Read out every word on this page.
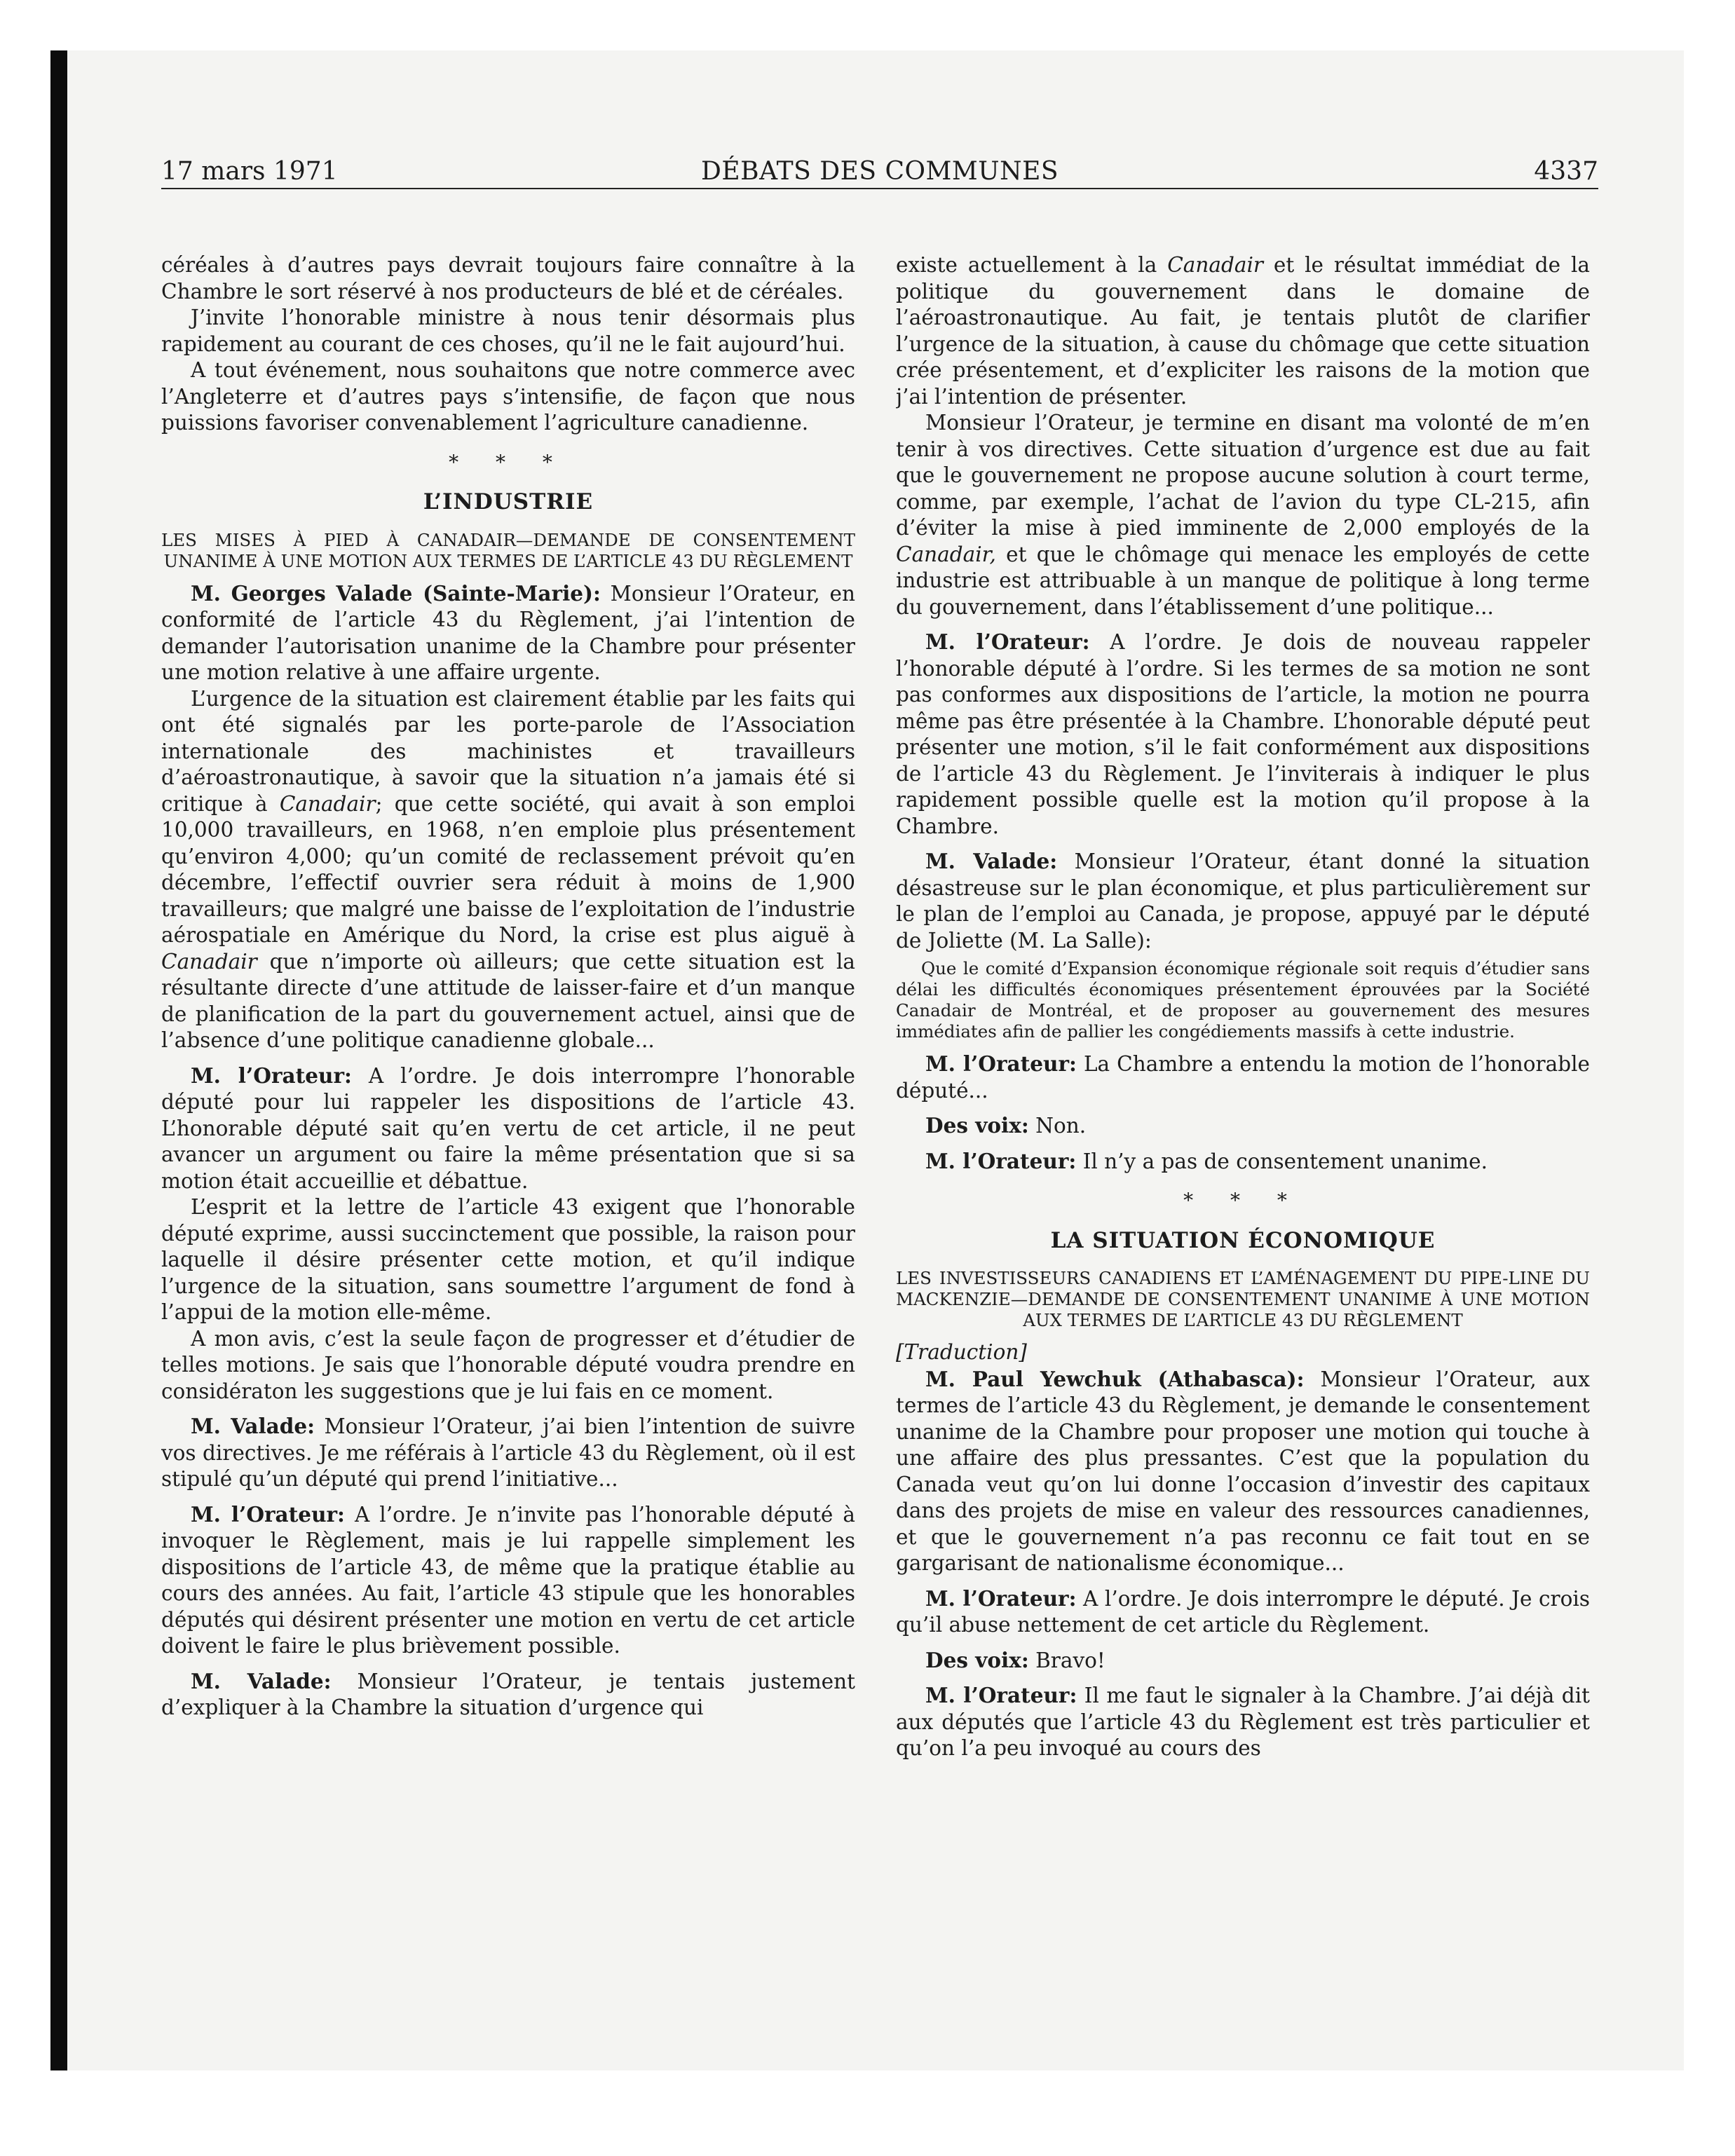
17 mars 1971	DÉBATS DES COMMUNES	4337

céréales à d’autres pays devrait toujours faire connaître à la Chambre le sort réservé à nos producteurs de blé et de céréales.

J’invite l’honorable ministre à nous tenir désormais plus rapidement au courant de ces choses, qu’il ne le fait aujourd’hui.

A tout événement, nous souhaitons que notre commerce avec l’Angleterre et d’autres pays s’intensifie, de façon que nous puissions favoriser convenablement l’agriculture canadienne.

* * *
L’INDUSTRIE
LES MISES À PIED À CANADAIR—DEMANDE DE CONSENTEMENT UNANIME À UNE MOTION AUX TERMES DE L’ARTICLE 43 DU RÈGLEMENT

M. Georges Valade (Sainte-Marie): Monsieur l’Orateur, en conformité de l’article 43 du Règlement, j’ai l’intention de demander l’autorisation unanime de la Chambre pour présenter une motion relative à une affaire urgente.

L’urgence de la situation est clairement établie par les faits qui ont été signalés par les porte-parole de l’Association internationale des machinistes et travailleurs d’aéroastronautique, à savoir que la situation n’a jamais été si critique à Canadair; que cette société, qui avait à son emploi 10,000 travailleurs, en 1968, n’en emploie plus présentement qu’environ 4,000; qu’un comité de reclassement prévoit qu’en décembre, l’effectif ouvrier sera réduit à moins de 1,900 travailleurs; que malgré une baisse de l’exploitation de l’industrie aérospatiale en Amérique du Nord, la crise est plus aiguë à Canadair que n’importe où ailleurs; que cette situation est la résultante directe d’une attitude de laisser-faire et d’un manque de planification de la part du gouvernement actuel, ainsi que de l’absence d’une politique canadienne globale...

M. l’Orateur: A l’ordre. Je dois interrompre l’honorable député pour lui rappeler les dispositions de l’article 43. L’honorable député sait qu’en vertu de cet article, il ne peut avancer un argument ou faire la même présentation que si sa motion était accueillie et débattue.

L’esprit et la lettre de l’article 43 exigent que l’honorable député exprime, aussi succinctement que possible, la raison pour laquelle il désire présenter cette motion, et qu’il indique l’urgence de la situation, sans soumettre l’argument de fond à l’appui de la motion elle-même.

A mon avis, c’est la seule façon de progresser et d’étudier de telles motions. Je sais que l’honorable député voudra prendre en considératon les suggestions que je lui fais en ce moment.

M. Valade: Monsieur l’Orateur, j’ai bien l’intention de suivre vos directives. Je me référais à l’article 43 du Règlement, où il est stipulé qu’un député qui prend l’initiative...

M. l’Orateur: A l’ordre. Je n’invite pas l’honorable député à invoquer le Règlement, mais je lui rappelle simplement les dispositions de l’article 43, de même que la pratique établie au cours des années. Au fait, l’article 43 stipule que les honorables députés qui désirent présenter une motion en vertu de cet article doivent le faire le plus brièvement possible.

M. Valade: Monsieur l’Orateur, je tentais justement d’expliquer à la Chambre la situation d’urgence qui

existe actuellement à la Canadair et le résultat immédiat de la politique du gouvernement dans le domaine de l’aéroastronautique. Au fait, je tentais plutôt de clarifier l’urgence de la situation, à cause du chômage que cette situation crée présentement, et d’expliciter les raisons de la motion que j’ai l’intention de présenter.

Monsieur l’Orateur, je termine en disant ma volonté de m’en tenir à vos directives. Cette situation d’urgence est due au fait que le gouvernement ne propose aucune solution à court terme, comme, par exemple, l’achat de l’avion du type CL-215, afin d’éviter la mise à pied imminente de 2,000 employés de la Canadair, et que le chômage qui menace les employés de cette industrie est attribuable à un manque de politique à long terme du gouvernement, dans l’établissement d’une politique...

M. l’Orateur: A l’ordre. Je dois de nouveau rappeler l’honorable député à l’ordre. Si les termes de sa motion ne sont pas conformes aux dispositions de l’article, la motion ne pourra même pas être présentée à la Chambre. L’honorable député peut présenter une motion, s’il le fait conformément aux dispositions de l’article 43 du Règlement. Je l’inviterais à indiquer le plus rapidement possible quelle est la motion qu’il propose à la Chambre.

M. Valade: Monsieur l’Orateur, étant donné la situation désastreuse sur le plan économique, et plus particulièrement sur le plan de l’emploi au Canada, je propose, appuyé par le député de Joliette (M. La Salle):

Que le comité d’Expansion économique régionale soit requis d’étudier sans délai les difficultés économiques présentement éprouvées par la Société Canadair de Montréal, et de proposer au gouvernement des mesures immédiates afin de pallier les congédiements massifs à cette industrie.

M. l’Orateur: La Chambre a entendu la motion de l’honorable député...

Des voix: Non.

M. l’Orateur: Il n’y a pas de consentement unanime.

* * *
LA SITUATION ÉCONOMIQUE
LES INVESTISSEURS CANADIENS ET L’AMÉNAGEMENT DU PIPE-LINE DU MACKENZIE—DEMANDE DE CONSENTEMENT UNANIME À UNE MOTION AUX TERMES DE L’ARTICLE 43 DU RÈGLEMENT

[Traduction]

M. Paul Yewchuk (Athabasca): Monsieur l’Orateur, aux termes de l’article 43 du Règlement, je demande le consentement unanime de la Chambre pour proposer une motion qui touche à une affaire des plus pressantes. C’est que la population du Canada veut qu’on lui donne l’occasion d’investir des capitaux dans des projets de mise en valeur des ressources canadiennes, et que le gouvernement n’a pas reconnu ce fait tout en se gargarisant de nationalisme économique...

M. l’Orateur: A l’ordre. Je dois interrompre le député. Je crois qu’il abuse nettement de cet article du Règlement.

Des voix: Bravo!

M. l’Orateur: Il me faut le signaler à la Chambre. J’ai déjà dit aux députés que l’article 43 du Règlement est très particulier et qu’on l’a peu invoqué au cours des
